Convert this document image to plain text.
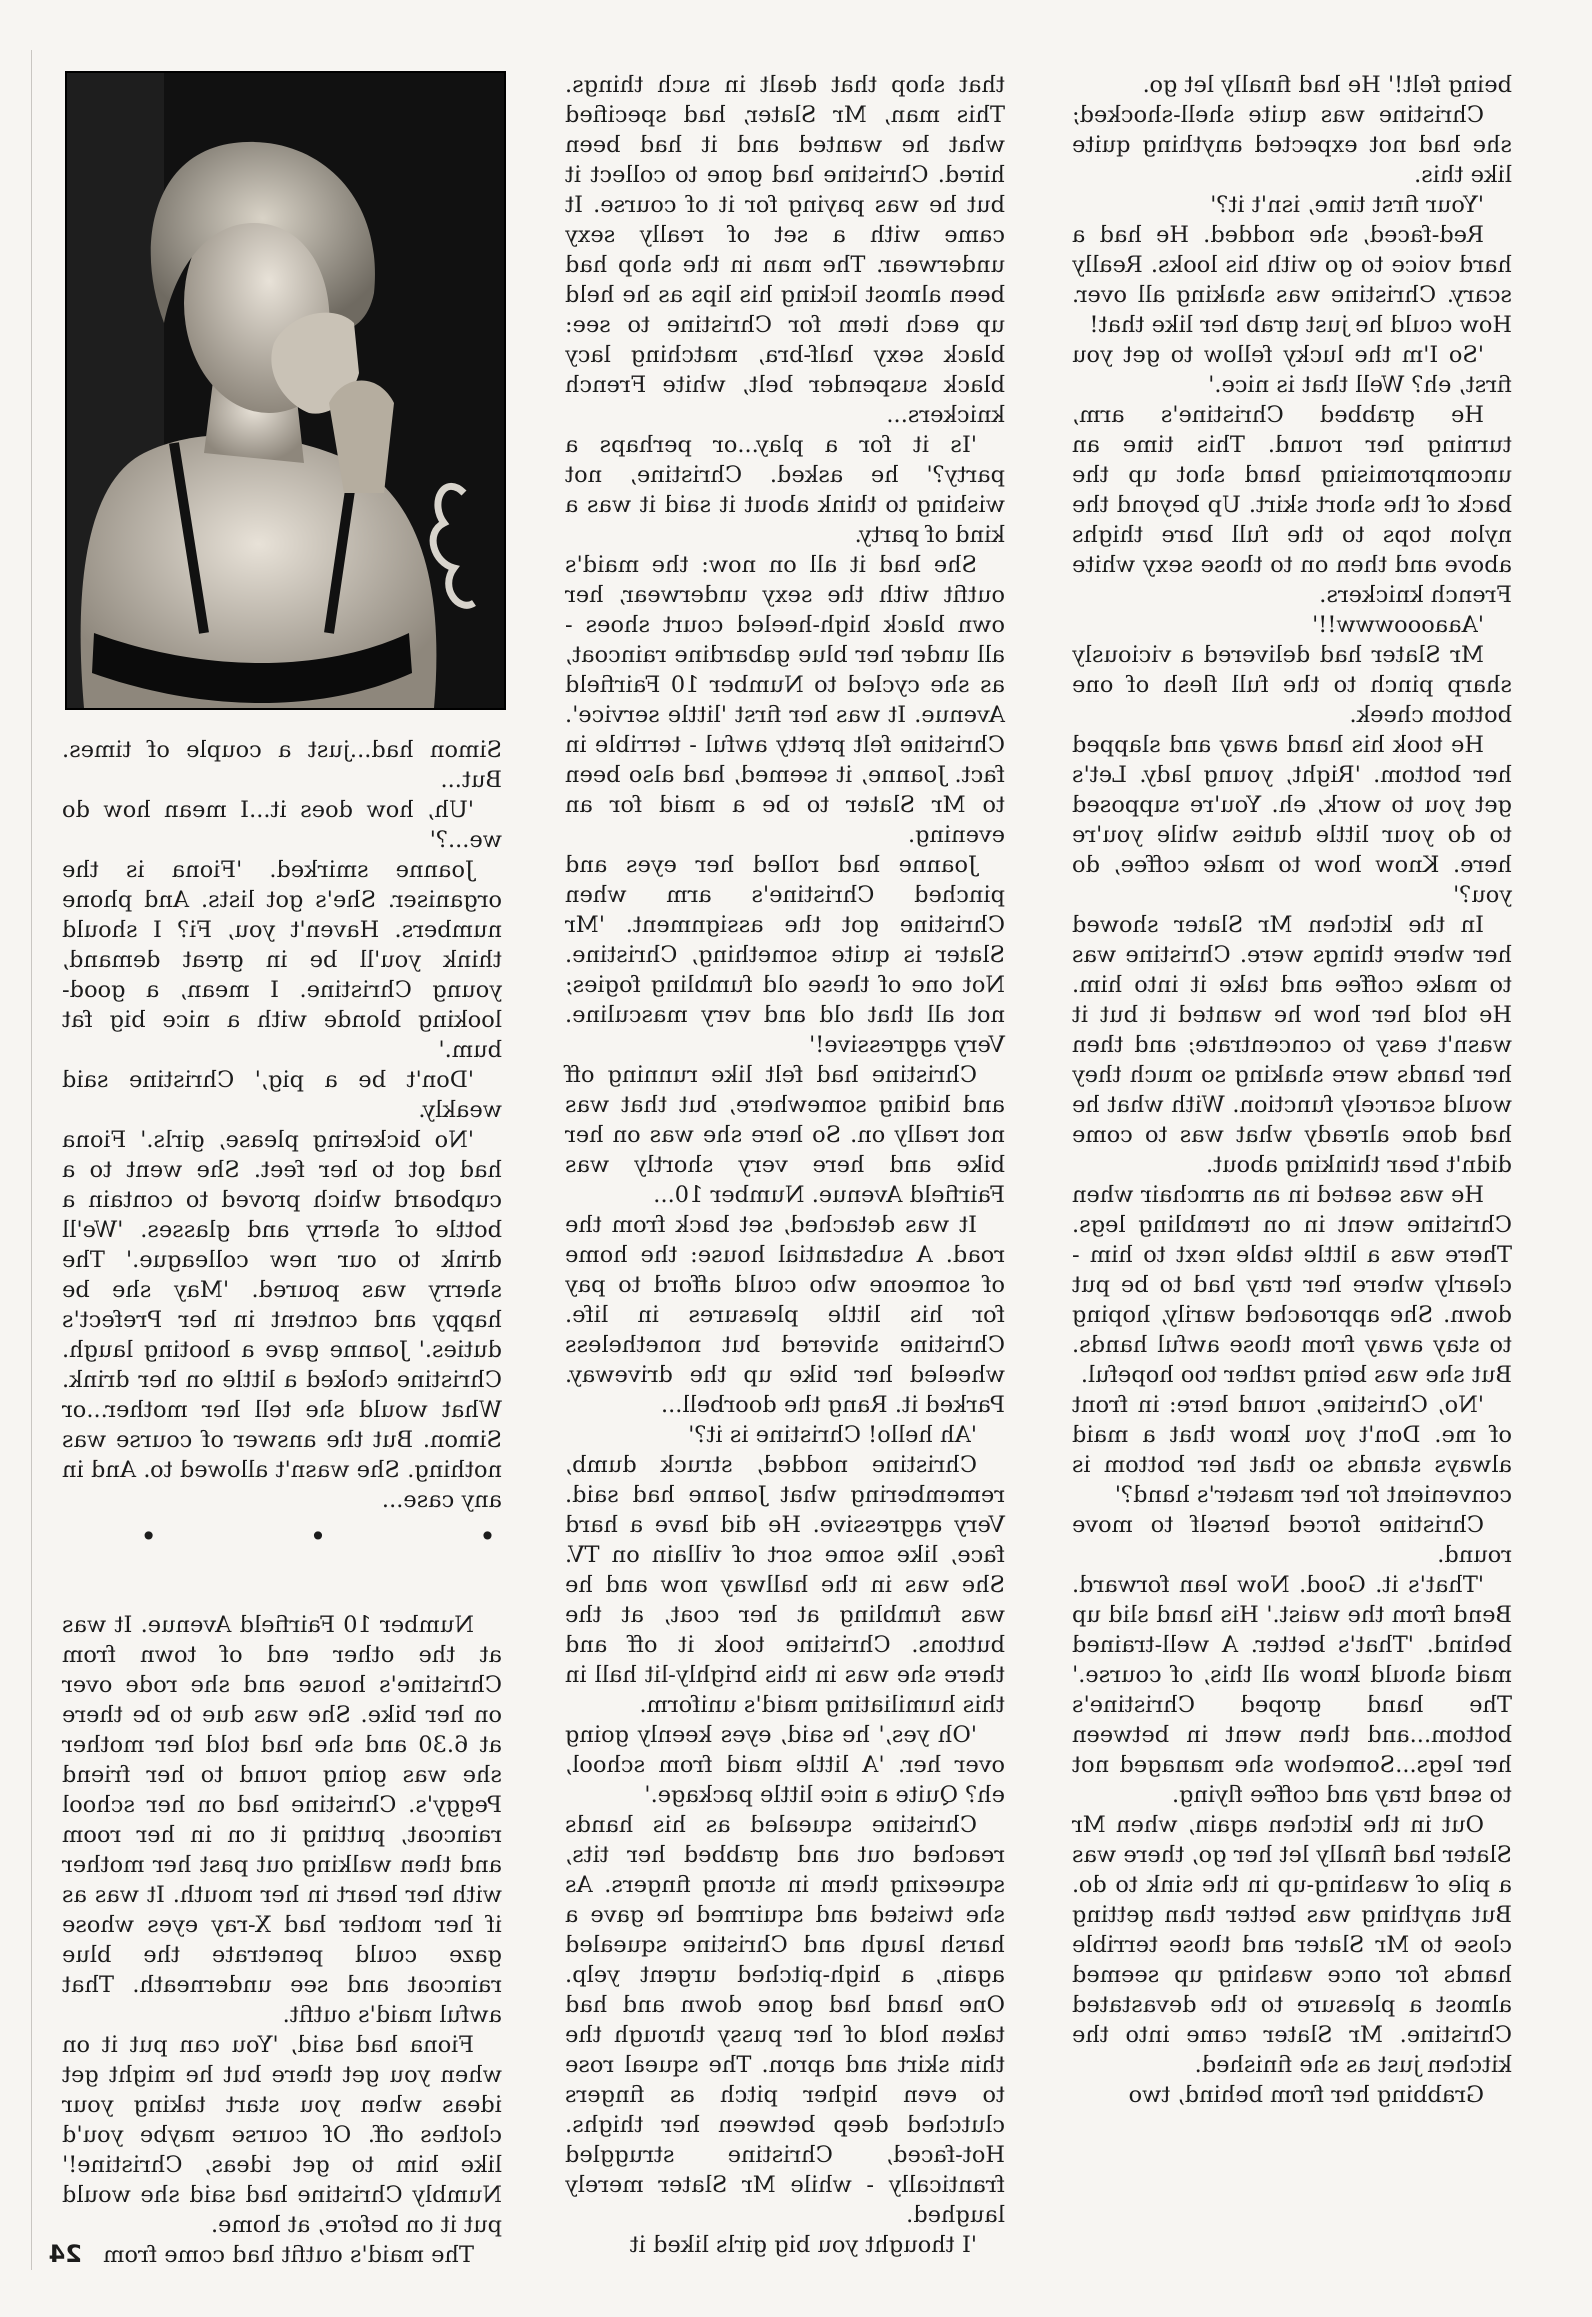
Simon had...just a couple of times. But...

'Uh, how does it...I mean how do we...?'

Joanne smirked. 'Fiona is the organiser. She's got lists. And phone numbers. Haven't you, Fi? I should think you'll be in great demand, young Christine. I mean, a good-looking blonde with a nice big fat bum.'

'Don't be a pig,' Christine said weakly.

'No bickering please, girls.' Fiona had got to her feet. She went to a cupboard which proved to contain a bottle of sherry and glasses. 'We'll drink to our new colleague.' The sherry was poured. 'May she be happy and content in her Prefect's duties.' Joanne gave a hooting laugh. Christine choked a little on her drink. What would she tell her mother...or Simon. But the answer of course was nothing. She wasn't allowed to. And in any case...

Number 10 Fairfield Avenue. It was at the other end of town from Christine's house and she rode over on her bike. She was due to be there at 6.30 and she had told her mother she was going round to her friend Peggy's. Christine had on her school raincoat, putting it on in her room and then walking out past her mother with her heart in her mouth. It was as if her mother had X-ray eyes whose gaze could penetrate the blue raincoat and see underneath. That awful maid's outfit.

Fiona had said, 'You can put it on when you get there but he might get ideas when you start taking your clothes off. Of course maybe you'd like him to get ideas, Christine!' Numbly Christine had said she would put it on before, at home.

The maid's outfit had come from

• • •

that shop that dealt in such things. This man, Mr Slater, had specified what he wanted and it had been hired. Christine had gone to collect it but he was paying for it of course. It came with a set of really sexy underwear. The man in the shop had been almost licking his lips as he held up each item for Christine to see: black sexy half-bra, matching lacy black suspender belt, white French knickers...

'Is it for a play...or perhaps a party?' he asked. Christine, not wishing to think about it said it was a kind of party.

She had it all on now: the maid's outfit with the sexy underwear, her own black high-heeled court shoes - all under her blue gabardine raincoat, as she cycled to Number 10 Fairfield Avenue. It was her first 'little service'. Christine felt pretty awful - terrible in fact. Joanne, it seemed, had also been to Mr Slater to be a maid for an evening.

Joanne had rolled her eyes and pinched Christine's arm when Christine got the assignment. 'Mr Slater is quite something, Christine. Not one of these old fumbling fogies; not all that old and very masculine. Very aggressive!'

Christine had felt like running off and hiding somewhere, but that was not really on. So here she was on her bike and here very shortly was Fairfield Avenue. Number 10...

It was detached, set back from the road. A substantial house: the home of someone who could afford to pay for his little pleasures in life. Christine shivered but nonetheless wheeled her bike up the driveway. Parked it. Rang the doorbell...

'Ah hello! Christine is it?'

Christine nodded, struck dumb, remembering what Joanne had said. Very aggressive. He did have a hard face, like some sort of villain on TV. She was in the hallway now and he was fumbling at her coat, at the buttons. Christine took it off and there she was in this brighly-lit hall in this humiliating maid's uniform.

'Oh yes,' he said, eyes keenly going over her. 'A little maid from school, eh? Quite a nice little package.'

Christine squealed as his hands reached out and grabbed her tits, squeezing them in strong fingers. As she twisted and squirmed he gave a harsh laugh and Christine squealed again, a high-pitched urgent yelp. One hand had gone down and had taken hold of her pussy through the thin skirt and apron. The squeal rose to even higher pitch as fingers clutched deep between her thighs. Hot-faced, Christine struggled frantically - while Mr Slater merely laughed.

'I thought you big girls liked it

being felt!' He had finally let go.

Christine was quite shell-shocked; she had not expected anything quite like this.

'Your first time, isn't it?'

Red-faced, she nodded. He had a hard voice to go with his looks. Really scary. Christine was shaking all over. How could he just grab her like that!

'So I'm the lucky fellow to get you first, eh? Well that is nice.'

He grabbed Christine's arm, turning her round. This time an uncompromising hand shot up the back of the short skirt. Up beyond the nylon tops to the full bare thighs above and then on to those sexy white French knickers.

'Aaaooowww!!'

Mr Slater had delivered a viciously sharp pinch to the full flesh of one bottom cheek.

He took his hand away and slapped her bottom. 'Right, young lady. Let's get you to work, eh. You're supposed to do your little duties while you're here. Know how to make coffee, do you?'

In the kitchen Mr Slater showed her where things were. Christine was to make coffee and take it into him. He told her how he wanted it but it wasn't easy to concentrate; and then her hands were shaking so much they would scarcely function. With what he had done already what was to come didn't bear thinking about.

He was seated in an armchair when Christine went in on trembling legs. There was a little table next to him - clearly where her tray had to be put down. She approached warily, hoping to stay away from those awful hands. But she was being rather too hopeful.

'No, Christine, round here: in front of me. Don't you know that a maid always stands so that her bottom is convenient for her master's hand?'

Christine forced herself to move round.

'That's it. Good. Now lean forward. Bend from the waist.' His hand slid up behind. 'That's better. A well-trained maid should know all this, of course.' The hand groped Christine's bottom...and then went in between her legs...Somehow she managed not to send tray and coffee flying.

Out in the kitchen again, when Mr Slater had finally let her go, there was a pile of washing-up in the sink to do. But anything was better than getting close to Mr Slater and those terrible hands for once washing up seemed almost a pleasure to the devastated Christine. Mr Slater came into the kitchen just as she finished.

Grabbing her from behind, two

24
